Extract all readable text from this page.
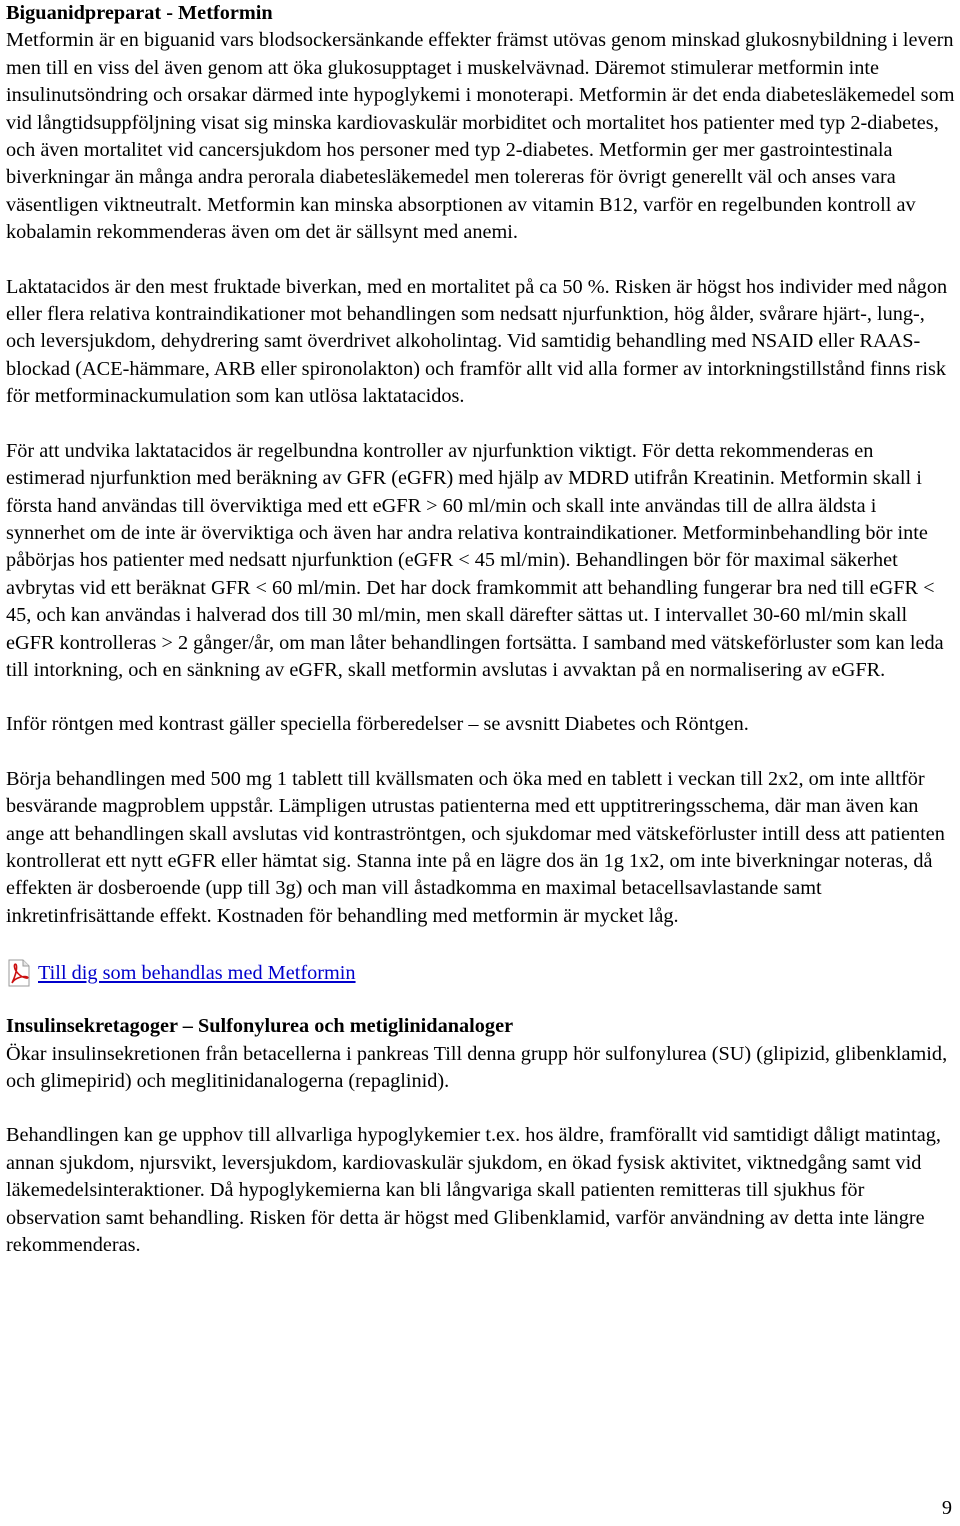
Biguanidpreparat - Metformin

Metformin är en biguanid vars blodsockersänkande effekter främst utövas genom minskad glukosnybildning i levern men till en viss del även genom att öka glukosupptaget i muskelvävnad. Däremot stimulerar metformin inte insulinutsöndring och orsakar därmed inte hypoglykemi i monoterapi. Metformin är det enda diabetesläkemedel som vid långtidsuppföljning visat sig minska kardiovaskulär morbiditet och mortalitet hos patienter med typ 2-diabetes, och även mortalitet vid cancersjukdom hos personer med typ 2-diabetes. Metformin ger mer gastrointestinala biverkningar än många andra perorala diabetesläkemedel men tolereras för övrigt generellt väl och anses vara väsentligen viktneutralt. Metformin kan minska absorptionen av vitamin B12, varför en regelbunden kontroll av kobalamin rekommenderas även om det är sällsynt med anemi.

Laktatacidos är den mest fruktade biverkan, med en mortalitet på ca 50 %. Risken är högst hos individer med någon eller flera relativa kontraindikationer mot behandlingen som nedsatt njurfunktion, hög ålder, svårare hjärt-, lung-, och leversjukdom, dehydrering samt överdrivet alkoholintag. Vid samtidig behandling med NSAID eller RAAS-blockad (ACE-hämmare, ARB eller spironolakton) och framför allt vid alla former av intorkningstillstånd finns risk för metforminackumulation som kan utlösa laktatacidos.

För att undvika laktatacidos är regelbundna kontroller av njurfunktion viktigt. För detta rekommenderas en estimerad njurfunktion med beräkning av GFR (eGFR) med hjälp av MDRD utifrån Kreatinin. Metformin skall i första hand användas till överviktiga med ett eGFR > 60 ml/min och skall inte användas till de allra äldsta i synnerhet om de inte är överviktiga och även har andra relativa kontraindikationer. Metforminbehandling bör inte påbörjas hos patienter med nedsatt njurfunktion (eGFR < 45 ml/min). Behandlingen bör för maximal säkerhet avbrytas vid ett beräknat GFR < 60 ml/min. Det har dock framkommit att behandling fungerar bra ned till eGFR < 45, och kan användas i halverad dos till 30 ml/min, men skall därefter sättas ut. I intervallet 30-60 ml/min skall eGFR kontrolleras > 2 gånger/år, om man låter behandlingen fortsätta. I samband med vätskeförluster som kan leda till intorkning, och en sänkning av eGFR, skall metformin avslutas i avvaktan på en normalisering av eGFR.

Inför röntgen med kontrast gäller speciella förberedelser – se avsnitt Diabetes och Röntgen.

Börja behandlingen med 500 mg 1 tablett till kvällsmaten och öka med en tablett i veckan till 2x2, om inte alltför besvärande magproblem uppstår. Lämpligen utrustas patienterna med ett upptitreringsschema, där man även kan ange att behandlingen skall avslutas vid kontraströntgen, och sjukdomar med vätskeförluster intill dess att patienten kontrollerat ett nytt eGFR eller hämtat sig. Stanna inte på en lägre dos än 1g 1x2, om inte biverkningar noteras, då effekten är dosberoende (upp till 3g) och man vill åstadkomma en maximal betacellsavlastande samt inkretinfrisättande effekt. Kostnaden för behandling med metformin är mycket låg.

Till dig som behandlas med Metformin
Insulinsekretagoger – Sulfonylurea och metiglinidanaloger

Ökar insulinsekretionen från betacellerna i pankreas Till denna grupp hör sulfonylurea (SU) (glipizid, glibenklamid, och glimepirid) och meglitinidanalogerna (repaglinid).

Behandlingen kan ge upphov till allvarliga hypoglykemier t.ex. hos äldre, framförallt vid samtidigt dåligt matintag, annan sjukdom, njursvikt, leversjukdom, kardiovaskulär sjukdom, en ökad fysisk aktivitet, viktnedgång samt vid läkemedelsinteraktioner. Då hypoglykemierna kan bli långvariga skall patienten remitteras till sjukhus för observation samt behandling. Risken för detta är högst med Glibenklamid, varför användning av detta inte längre rekommenderas.

9
